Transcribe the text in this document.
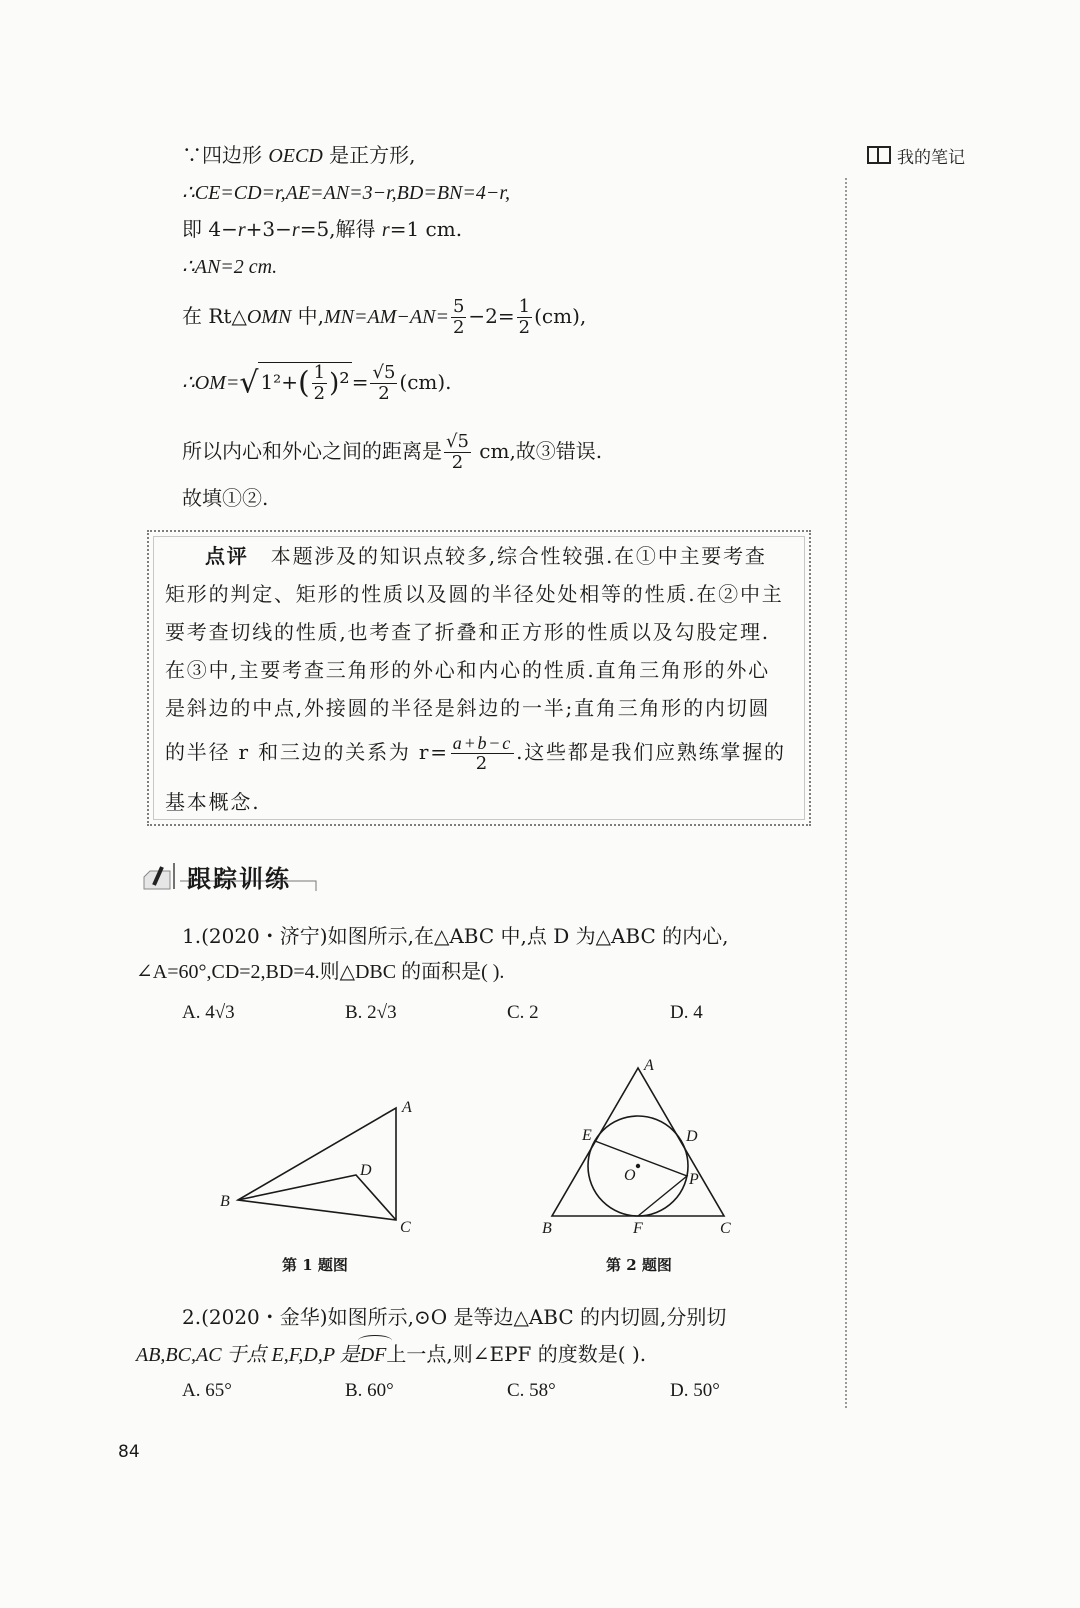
我的笔记
∵四边形 OECD 是正方形,
∴CE=CD=r,AE=AN=3−r,BD=BN=4−r,
即 4−r+3−r=5,解得 r=1 cm.
∴AN=2 cm.
在 Rt△OMN 中$,MN=AM-AN= \frac{5}{2} -2= \frac{1}{2} (cm)$,
∴OM=√ $1^2+( \frac{1}{2} )^2 = \frac{√5}{2} (cm)$.
所以内心和外心之间的距离是 $\frac{√5}{2}$ cm,故③错误.
故填①②.
点评 本题涉及的知识点较多,综合性较强.在①中主要考查
矩形的判定、矩形的性质以及圆的半径处处相等的性质.在②中主
要考查切线的性质,也考查了折叠和正方形的性质以及勾股定理.
在③中,主要考查三角形的外心和内心的性质.直角三角形的外心
是斜边的中点,外接圆的半径是斜边的一半;直角三角形的内切圆
的半径 r 和三边的关系为 $r= \frac{a+b-c}{2}$ .这些都是我们应熟练掌握的
基本概念.
跟踪训练
1.(2020・济宁)如图所示,在△ABC 中,点 D 为△ABC 的内心,
∠A=60°,CD=2,BD=4.则△DBC 的面积是( ).
A. 4√3	B. 2√3	C. 2	D. 4
A
B
C
D
第 1 题图
A
B	C
D
E
F
O	P
第 2 题图
2.(2020・金华)如图所示,⊙O 是等边△ABC 的内切圆,分别切
AB,BC,AC 于点 E,F,D,P 是
DF上一点,则∠EPF 的度数是( ).
A. 65°	B. 60°	C. 58°	D. 50°
84
